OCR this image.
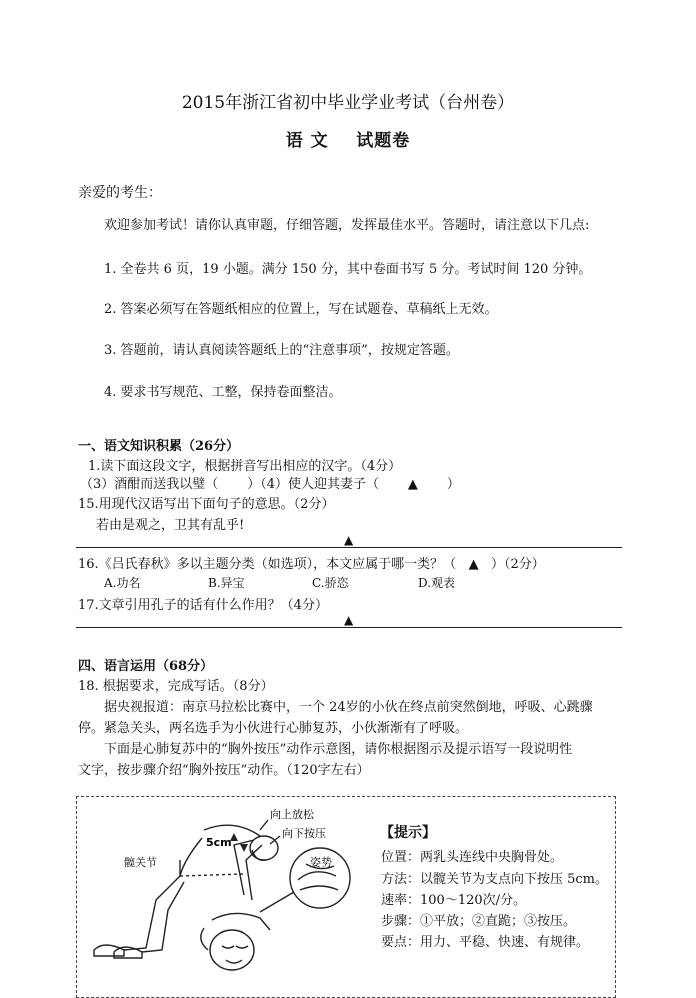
2015年浙江省初中毕业学业考试（台州卷）
语 文    试题卷
亲爱的考生：
欢迎参加考试！请你认真审题，仔细答题，发挥最佳水平。答题时，请注意以下几点:
1. 全卷共 6 页，19 小题。满分 150 分，其中卷面书写 5 分。考试时间 120 分钟。
2. 答案必须写在答题纸相应的位置上，写在试题卷、草稿纸上无效。
3. 答题前，请认真阅读答题纸上的“注意事项”，按规定答题。
4. 要求书写规范、工整，保持卷面整洁。
一、语文知识积累（26分）
1.读下面这段文字，根据拼音写出相应的汉字。（4分）
（3）酒酣而送我以璧（       ）（4）使人迎其妻子（       ▲       ）
15.用现代汉语写出下面句子的意思。（2分）
若由是观之，卫其有乱乎!
▲
16.《吕氏春秋》多以主题分类（如选项），本文应属于哪一类？（   ▲   ）（2分）
A.功名	B.异宝	C.骄恣	D.观表
17.文章引用孔子的话有什么作用？（4分）
▲
四、语言运用（68分）
18. 根据要求，完成写话。（8分）
据央视报道：南京马拉松比赛中，一个 24岁的小伙在终点前突然倒地，呼吸、心跳骤
停。紧急关头，两名选手为小伙进行心肺复苏，小伙渐渐有了呼吸。
下面是心肺复苏中的“胸外按压”动作示意图，请你根据图示及提示语写一段说明性
文字，按步骤介绍“胸外按压”动作。（120字左右）
向上放松
向下按压
5cm
髋关节	姿势
【提示】
位置：两乳头连线中央胸骨处。
方法：以髋关节为支点向下按压 5cm。
速率：100～120次/分。
步骤：①平放；②直跪；③按压。
要点：用力、平稳、快速、有规律。
